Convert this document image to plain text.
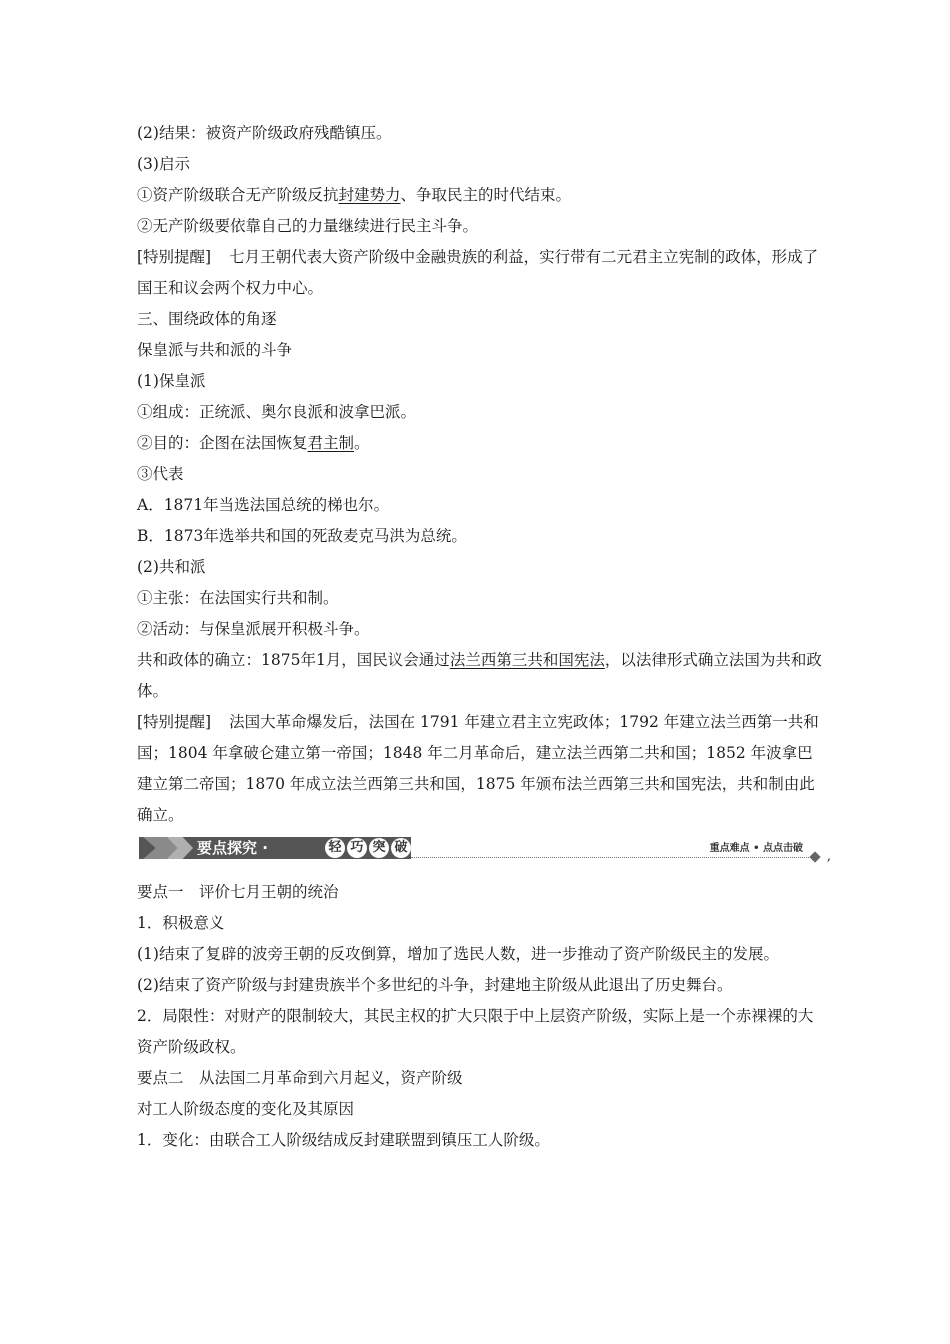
(2)结果：被资产阶级政府残酷镇压。
(3)启示
①资产阶级联合无产阶级反抗封建势力、争取民主的时代结束。
②无产阶级要依靠自己的力量继续进行民主斗争。
[特别提醒] 七月王朝代表大资产阶级中金融贵族的利益，实行带有二元君主立宪制的政体，形成了国王和议会两个权力中心。
三、围绕政体的角逐
保皇派与共和派的斗争
(1)保皇派
①组成：正统派、奥尔良派和波拿巴派。
②目的：企图在法国恢复君主制。
③代表
A．1871年当选法国总统的梯也尔。
B．1873年选举共和国的死敌麦克马洪为总统。
(2)共和派
①主张：在法国实行共和制。
②活动：与保皇派展开积极斗争。
共和政体的确立：1875年1月，国民议会通过法兰西第三共和国宪法，以法律形式确立法国为共和政体。
[特别提醒] 法国大革命爆发后，法国在 1791 年建立君主立宪政体；1792 年建立法兰西第一共和国；1804 年拿破仑建立第一帝国；1848 年二月革命后，建立法兰西第二共和国；1852 年波拿巴建立第二帝国；1870 年成立法兰西第三共和国，1875 年颁布法兰西第三共和国宪法，共和制由此确立。
要点探究 ·	轻 巧 突 破	重点难点 • 点点击破
,
要点一　评价七月王朝的统治
1．积极意义
(1)结束了复辟的波旁王朝的反攻倒算，增加了选民人数，进一步推动了资产阶级民主的发展。
(2)结束了资产阶级与封建贵族半个多世纪的斗争，封建地主阶级从此退出了历史舞台。
2．局限性：对财产的限制较大，其民主权的扩大只限于中上层资产阶级，实际上是一个赤裸裸的大资产阶级政权。
要点二　从法国二月革命到六月起义，资产阶级
对工人阶级态度的变化及其原因
1．变化：由联合工人阶级结成反封建联盟到镇压工人阶级。
